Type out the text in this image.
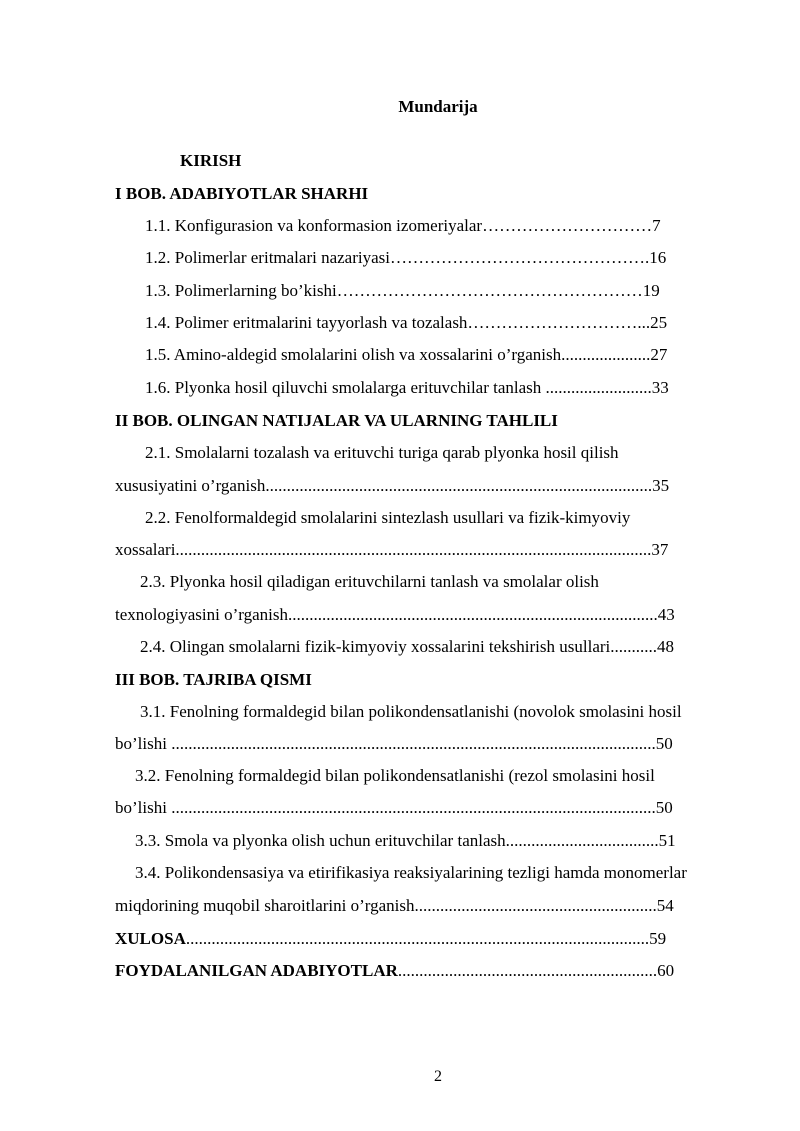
Mundarija
KIRISH
I BOB. ADABIYOTLAR SHARHI
1.1. Konfigurasion va konformasion izomeriyalar…………………………7
1.2. Polimerlar eritmalari nazariyasi……………………………………….16
1.3. Polimerlarning bo’kishi………………………………………………19
1.4. Polimer eritmalarini tayyorlash va tozalash…………………………...25
1.5. Amino-aldegid smolalarini olish va xossalarini o’rganish.....................27
1.6. Plyonka hosil qiluvchi smolalarga erituvchilar tanlash .........................33
II BOB. OLINGAN NATIJALAR VA ULARNING TAHLILI
2.1. Smolalarni tozalash va erituvchi turiga qarab plyonka hosil qilish
xususiyatini o’rganish...........................................................................................35
2.2. Fenolformaldegid smolalarini sintezlash usullari va fizik-kimyoviy
xossalari................................................................................................................37
2.3. Plyonka hosil qiladigan erituvchilarni tanlash va smolalar olish
texnologiyasini o’rganish.......................................................................................43
2.4. Olingan smolalarni fizik-kimyoviy xossalarini tekshirish usullari...........48
III BOB. TAJRIBA QISMI
3.1. Fenolning formaldegid bilan polikondensatlanishi (novolok smolasini hosil
bo’lishi ..................................................................................................................50
3.2. Fenolning formaldegid bilan polikondensatlanishi (rezol smolasini hosil
bo’lishi ..................................................................................................................50
3.3. Smola va plyonka olish uchun erituvchilar tanlash....................................51
3.4. Polikondensasiya va etirifikasiya reaksiyalarining tezligi hamda monomerlar
miqdorining muqobil sharoitlarini o’rganish.........................................................54
XULOSA.............................................................................................................59
FOYDALANILGAN ADABIYOTLAR.............................................................60
2
